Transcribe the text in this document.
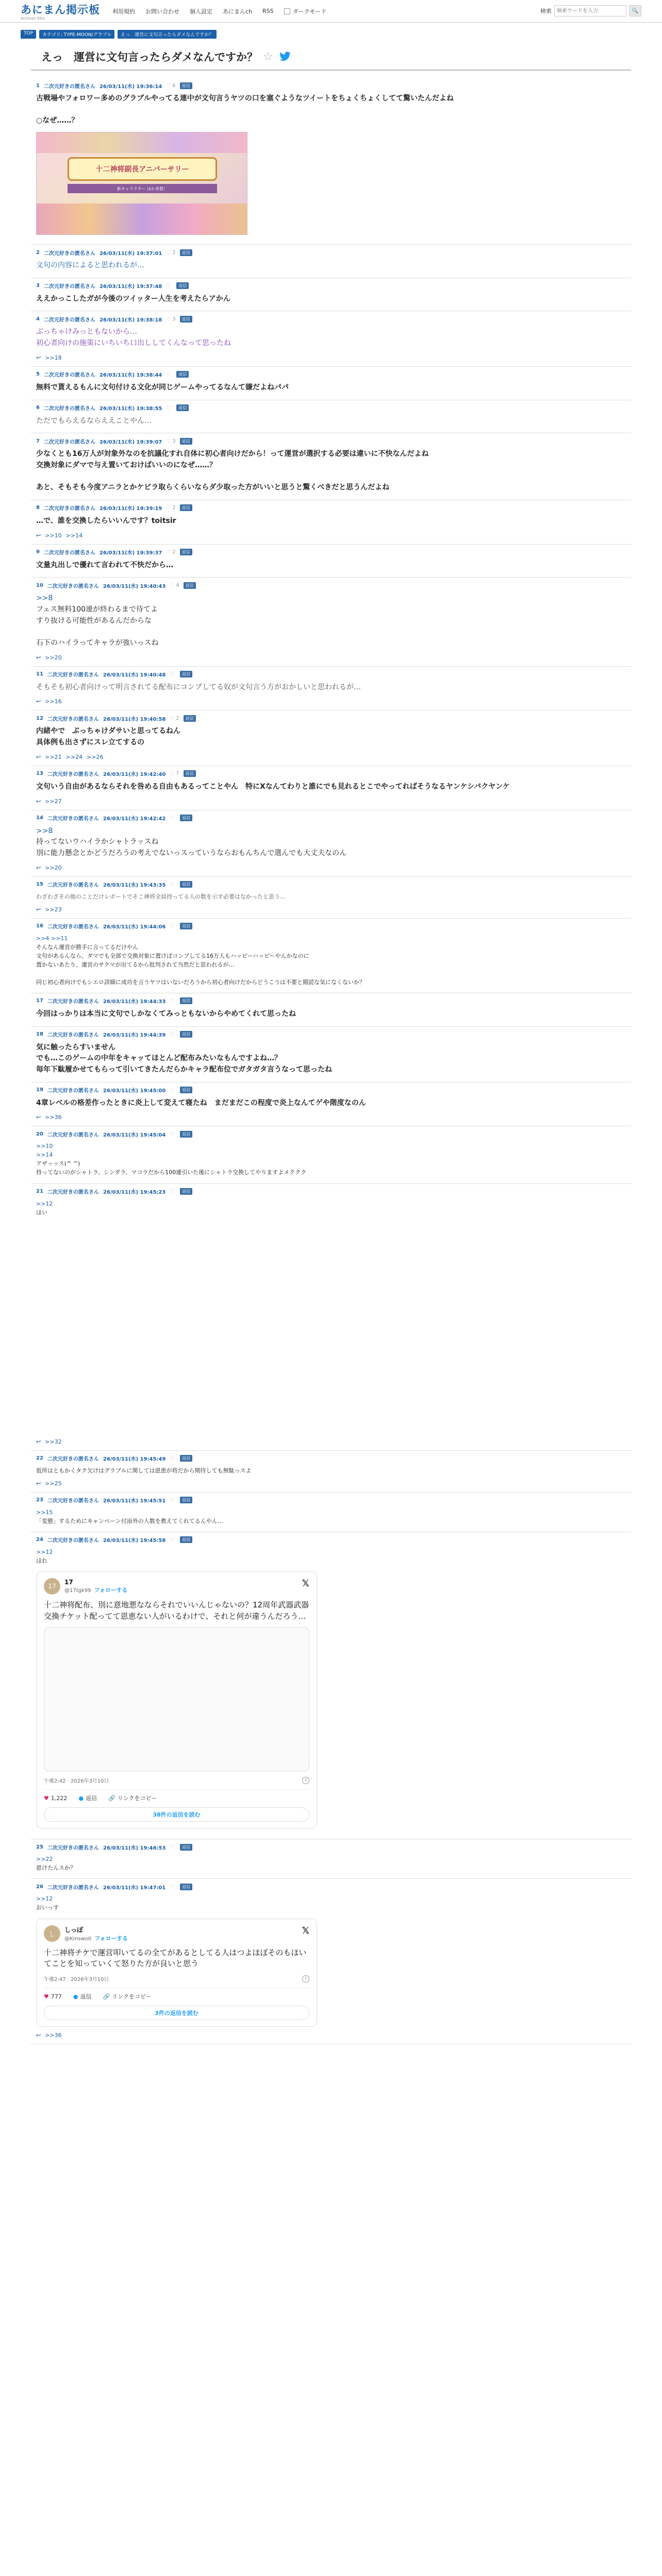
あにまん掲示板
animan bbs
利用規約 お問い合わせ 個人設定 あにまんch RSS	ダークモード	検索
検索ワードを入力	🔍
TOP	カテゴリ: TYPE-MOON/グラブル	えっ　運営に文句言ったらダメなんですか？
えっ　運営に文句言ったらダメなんですか？ ☆
1 二次元好きの匿名さん 26/03/11(水) 19:36:14 ♡ 6	返信
古戦場やフォロワー多めのグラブルやってる連中が文句言うヤツの口を塞ぐようなツイートをちょくちょくしてて驚いたんだよね

○なぜ……？
十二神将副長アニバーサリー
新キャラクター ほか多数！
2 二次元好きの匿名さん 26/03/11(水) 19:37:01 ♡ 2	返信
文句の内容によると思われるが…
3 二次元好きの匿名さん 26/03/11(水) 19:37:48 ♡	返信
ええかっこしたガが今後のツイッター人生を考えたらアかん
4 二次元好きの匿名さん 26/03/11(水) 19:38:18 ♡ 3	返信
ぶっちゃけみっともないから…
初心者向けの施策にいちいち口出ししてくんなって思ったね
↩ >>18
5 二次元好きの匿名さん 26/03/11(水) 19:38:44 ♡	返信
無料で貰えるもんに文句付ける文化が同じゲームやってるなんて嫌だよねパパ
6 二次元好きの匿名さん 26/03/11(水) 19:38:55 ♡	返信
ただでもらえるならええことやん…
7 二次元好きの匿名さん 26/03/11(水) 19:39:07 ♡ 3	返信
少なくとも16万人が対象外なのを抗議化すれ自体に初心者向けだから！って運営が選択する必要は違いに不快なんだよね
交換対象にダマで与え置いておけばいいのになぜ……？

あと、そもそも今度アニラとかケビラ取らくらいならダ少取った方がいいと思うと驚くべきだと思うんだよね
8 二次元好きの匿名さん 26/03/11(水) 19:39:19 ♡ 2	返信
…で、誰を交換したらいいんです？toitsir
↩ >>10 >>14
9 二次元好きの匿名さん 26/03/11(水) 19:39:37 ♡ 2	返信
文量丸出しで優れて言われて不快だから…
10 二次元好きの匿名さん 26/03/11(水) 19:40:43 ♡ 4	返信
>>8
フェス無料100連が終わるまで待てよ
すり抜ける可能性があるんだからな

石下のハイラってキャラが強いっスね
↩ >>20
11 二次元好きの匿名さん 26/03/11(水) 19:40:48 ♡	返信
そもそも初心者向けって明言されてる配布にコンプしてる奴が文句言う方がおかしいと思われるが…
↩ >>16
12 二次元好きの匿名さん 26/03/11(水) 19:40:58 ♡ 2	返信
内緒やで　ぶっちゃけダサいと思ってるねん
具体例も出さずにスレ立てするの
↩ >>21 >>24 >>26
13 二次元好きの匿名さん 26/03/11(水) 19:42:40 ♡ 7	返信
文句いう自由があるならそれを咎める自由もあるってことやん　特にXなんてわりと誰にでも見れるとこでやってればそうなるヤンケシバクヤンケ
↩ >>27
14 二次元好きの匿名さん 26/03/11(水) 19:42:42 ♡	返信
>>8
持ってないウハイラかシャトラッスね
別に能力懸念とかどうだろうの考えでないっスっていうならおもんちんで選んでも大丈夫なのん
↩ >>20
15 二次元好きの匿名さん 26/03/11(水) 19:43:35 ♡	返信
わざわざその他のことだけレポートでそこ神将全員持ってる人の数を示す必要はなかったと思う…
↩ >>23
16 二次元好きの匿名さん 26/03/11(水) 19:44:06 ♡	返信
>>4 >>11
そんなん運営が勝手に言ってるだけやん
文句があるんなら、ダマでも全部で交換対象に置けばコンプしてる16万人もハッピーハッピーやんかなのに
置かないあたり、運営のサクマが出てるから批判されて当然だと思われるが…

同じ初心者向けでもシエロ詳細に成功を言うヤツはいないだろうから初心者向けだからどうこうは不要と閲読な気になくないか？
17 二次元好きの匿名さん 26/03/11(水) 19:44:33 ♡	返信
今回はっかりは本当に文句でしかなくてみっともないからやめてくれて思ったね
18 二次元好きの匿名さん 26/03/11(水) 19:44:39 ♡	返信
気に触ったらすいません
でも…このゲームの中年をキャッてほとんど配布みたいなもんですよね…？
毎年下駄履かせてもらって引いてきたんだらかキャラ配布位でガタガタ言うなって思ったね
19 二次元好きの匿名さん 26/03/11(水) 19:45:00 ♡	返信
4章レベルの格差作ったときに炎上して変えて寝たね　まだまだこの程度で炎上なんてゲや階度なのん
↩ >>36
20 二次元好きの匿名さん 26/03/11(水) 19:45:04 ♡	返信
>>10
>>14
アザッッス(^ ^)
持ってないのがシャトラ、シンダラ、マコラだから100連引いた後にシャトラ交換してやりますよメククク
21 二次元好きの匿名さん 26/03/11(水) 19:45:23 ♡	返信
>>12
ほい
↩ >>32
22 二次元好きの匿名さん 26/03/11(水) 19:45:49 ♡	返信
低所はともかくタク欠けはグラブルに関しては恩恵が将だから期待しても無駄っスよ
↩ >>25
23 二次元好きの匿名さん 26/03/11(水) 19:45:51 ♡	返信
>>15
「変態」するためにキャンペーン付添外の人数を教えてくれてるんやん…
24 二次元好きの匿名さん 26/03/11(水) 19:45:58 ♡	返信
>>12
ほれ
17
17
@17tgk99 フォローする
𝕏
十二神将配布、別に意地悪なならそれでいいんじゃないの？12周年武器武器交換チケット配ってて恩恵ない人がいるわけで、それと何が違うんだろう…
午後2:42 · 2026年3月10日	i
♥ 1,222 ● 返信 🔗 リンクをコピー
38件の返信を読む
25 二次元好きの匿名さん 26/03/11(水) 19:46:53 ♡	返信
>>22
恩けたんスか？
26 二次元好きの匿名さん 26/03/11(水) 19:47:01 ♡	返信
>>12
おいっす
し
しっぽ
@Kmswo0 フォローする
𝕏
十二神将チケで運営叩いてるの全てがあるとしてる人はつよほぼそのもほいてことを知っていくて怒りた方が良いと思う
午後2:47 · 2026年3月10日	i
♥ 777 ● 返信 🔗 リンクをコピー
3件の返信を読む
↩ >>36
